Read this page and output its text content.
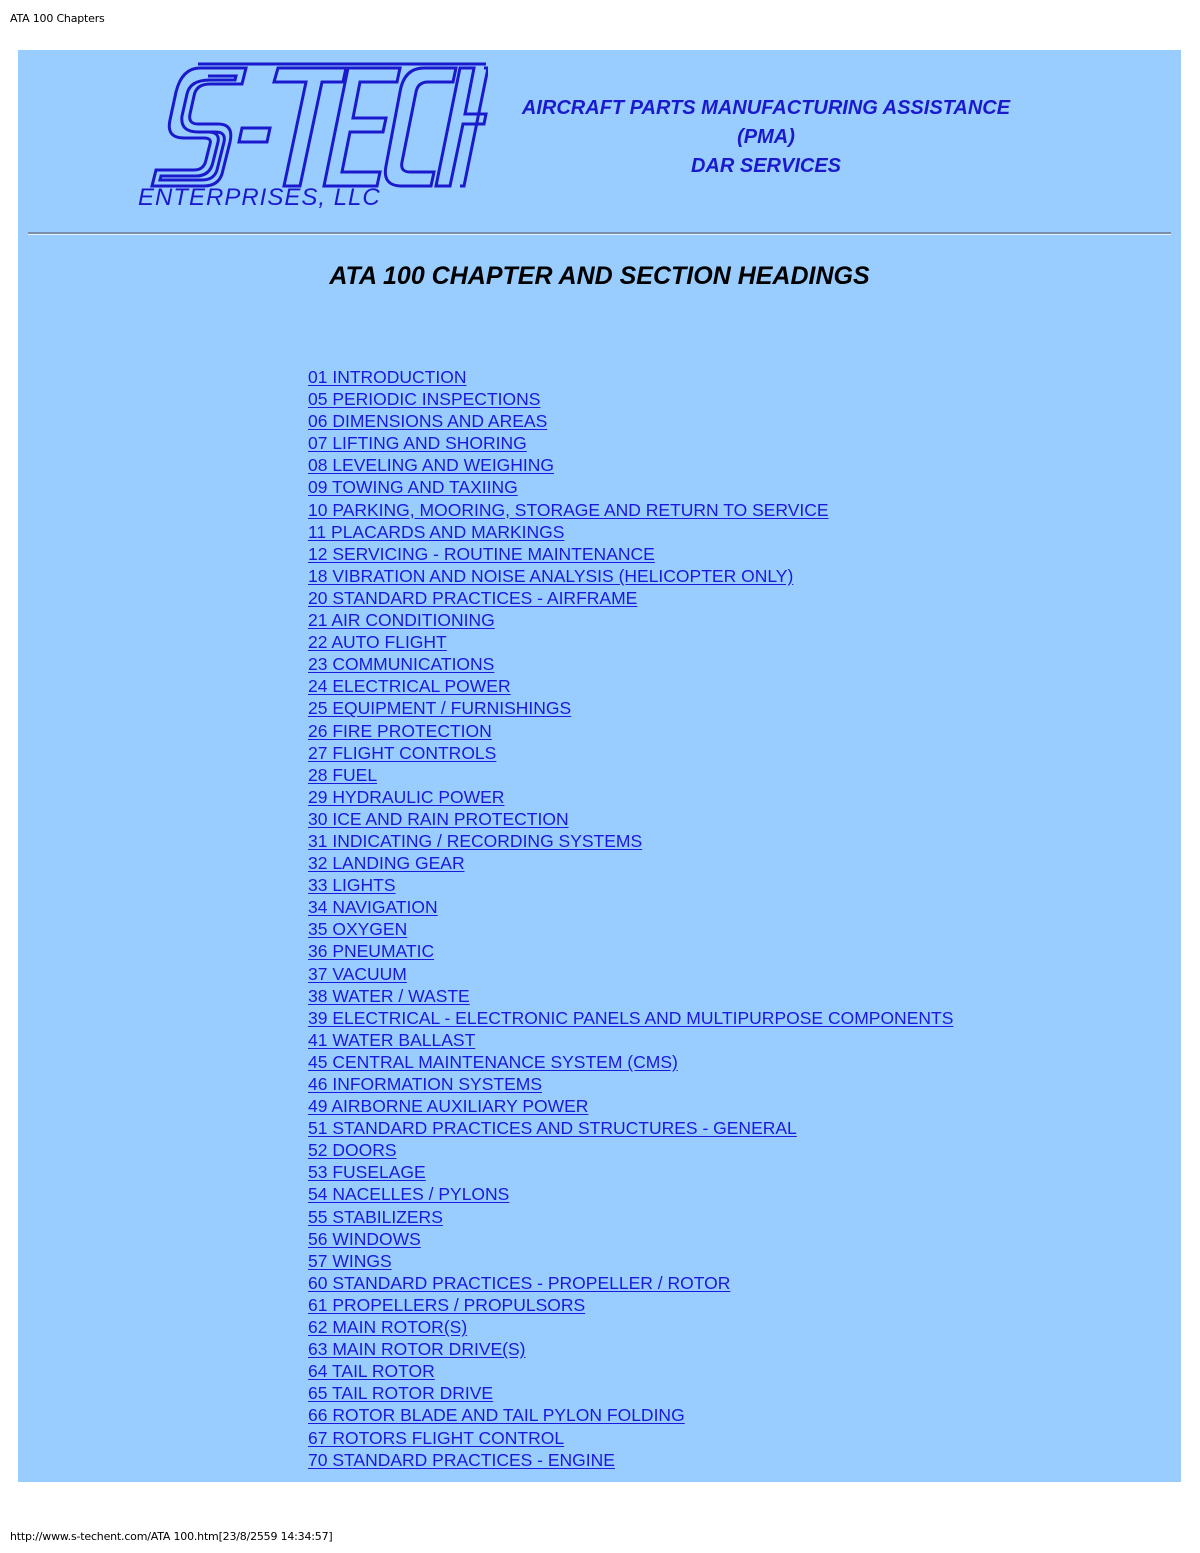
ATA 100 Chapters
ENTERPRISES, LLC
AIRCRAFT PARTS MANUFACTURING ASSISTANCE
(PMA)
DAR SERVICES
ATA 100 CHAPTER AND SECTION HEADINGS
01 INTRODUCTION
05 PERIODIC INSPECTIONS
06 DIMENSIONS AND AREAS
07 LIFTING AND SHORING
08 LEVELING AND WEIGHING
09 TOWING AND TAXIING
10 PARKING, MOORING, STORAGE AND RETURN TO SERVICE
11 PLACARDS AND MARKINGS
12 SERVICING - ROUTINE MAINTENANCE
18 VIBRATION AND NOISE ANALYSIS (HELICOPTER ONLY)
20 STANDARD PRACTICES - AIRFRAME
21 AIR CONDITIONING
22 AUTO FLIGHT
23 COMMUNICATIONS
24 ELECTRICAL POWER
25 EQUIPMENT / FURNISHINGS
26 FIRE PROTECTION
27 FLIGHT CONTROLS
28 FUEL
29 HYDRAULIC POWER
30 ICE AND RAIN PROTECTION
31 INDICATING / RECORDING SYSTEMS
32 LANDING GEAR
33 LIGHTS
34 NAVIGATION
35 OXYGEN
36 PNEUMATIC
37 VACUUM
38 WATER / WASTE
39 ELECTRICAL - ELECTRONIC PANELS AND MULTIPURPOSE COMPONENTS
41 WATER BALLAST
45 CENTRAL MAINTENANCE SYSTEM (CMS)
46 INFORMATION SYSTEMS
49 AIRBORNE AUXILIARY POWER
51 STANDARD PRACTICES AND STRUCTURES - GENERAL
52 DOORS
53 FUSELAGE
54 NACELLES / PYLONS
55 STABILIZERS
56 WINDOWS
57 WINGS
60 STANDARD PRACTICES - PROPELLER / ROTOR
61 PROPELLERS / PROPULSORS
62 MAIN ROTOR(S)
63 MAIN ROTOR DRIVE(S)
64 TAIL ROTOR
65 TAIL ROTOR DRIVE
66 ROTOR BLADE AND TAIL PYLON FOLDING
67 ROTORS FLIGHT CONTROL
70 STANDARD PRACTICES - ENGINE
http://www.s-techent.com/ATA 100.htm[23/8/2559 14:34:57]
